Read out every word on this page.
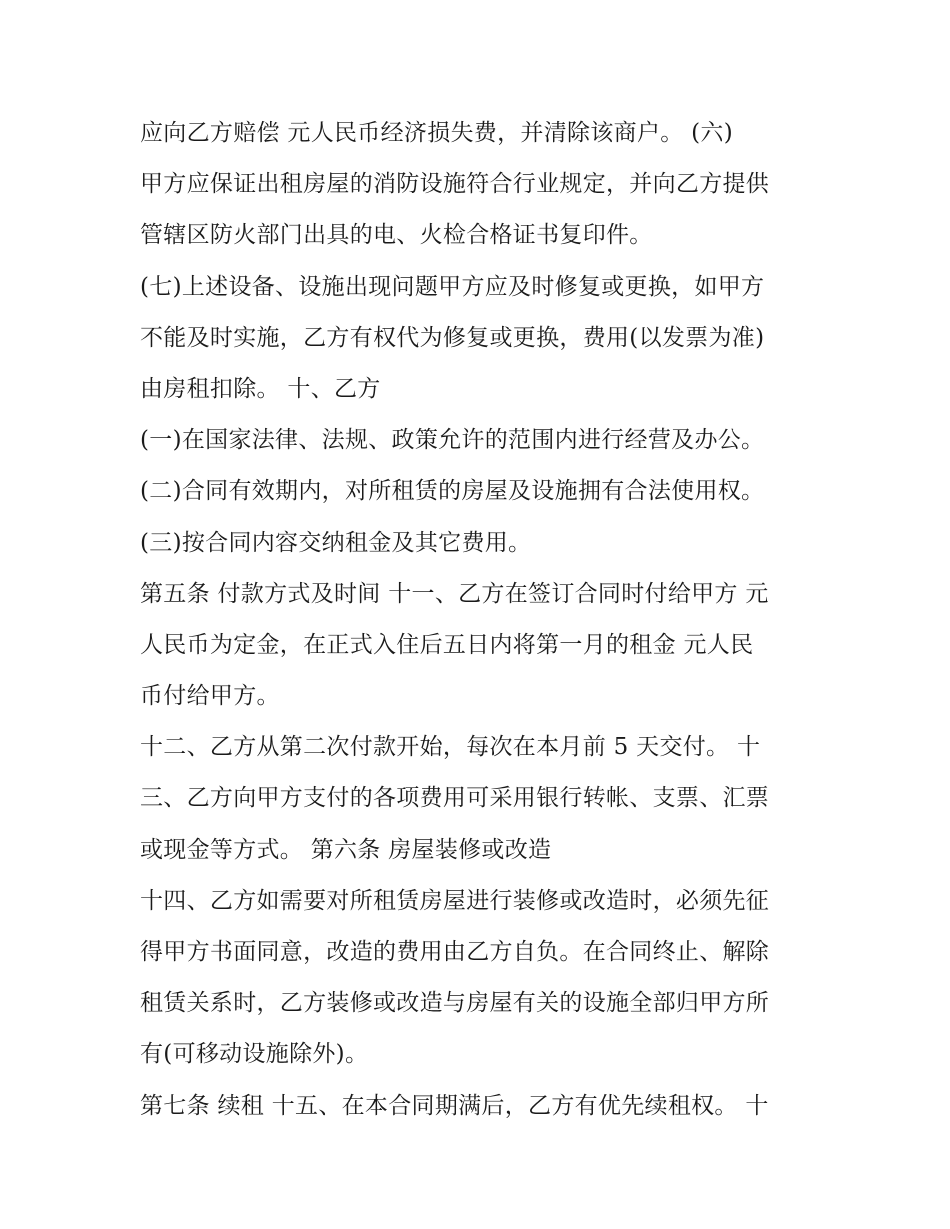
应向乙方赔偿 元人民币经济损失费，并清除该商户。 (六)
甲方应保证出租房屋的消防设施符合行业规定，并向乙方提供
管辖区防火部门出具的电、火检合格证书复印件。
(七)上述设备、设施出现问题甲方应及时修复或更换，如甲方
不能及时实施，乙方有权代为修复或更换，费用(以发票为准)
由房租扣除。 十、乙方
(一)在国家法律、法规、政策允许的范围内进行经营及办公。
(二)合同有效期内，对所租赁的房屋及设施拥有合法使用权。
(三)按合同内容交纳租金及其它费用。
第五条 付款方式及时间 十一、乙方在签订合同时付给甲方 元
人民币为定金，在正式入住后五日内将第一月的租金 元人民
币付给甲方。
十二、乙方从第二次付款开始，每次在本月前 5 天交付。 十
三、乙方向甲方支付的各项费用可采用银行转帐、支票、汇票
或现金等方式。 第六条 房屋装修或改造
十四、乙方如需要对所租赁房屋进行装修或改造时，必须先征
得甲方书面同意，改造的费用由乙方自负。在合同终止、解除
租赁关系时，乙方装修或改造与房屋有关的设施全部归甲方所
有(可移动设施除外)。
第七条 续租 十五、在本合同期满后，乙方有优先续租权。 十
